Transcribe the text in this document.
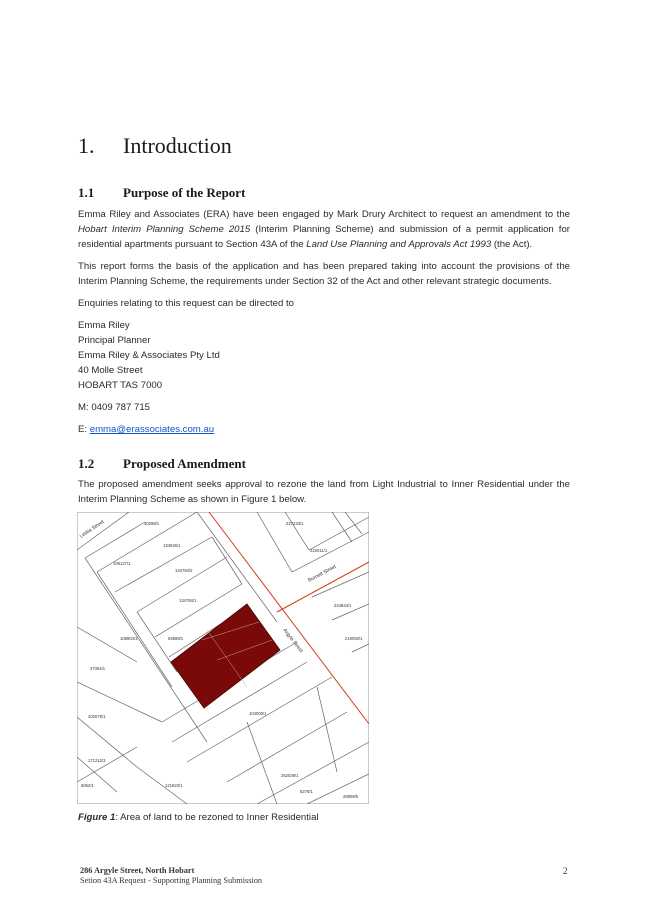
1. Introduction
1.1 Purpose of the Report
Emma Riley and Associates (ERA) have been engaged by Mark Drury Architect to request an amendment to the Hobart Interim Planning Scheme 2015 (Interim Planning Scheme) and submission of a permit application for residential apartments pursuant to Section 43A of the Land Use Planning and Approvals Act 1993 (the Act).
This report forms the basis of the application and has been prepared taking into account the provisions of the Interim Planning Scheme, the requirements under Section 32 of the Act and other relevant strategic documents.
Enquiries relating to this request can be directed to
Emma Riley
Principal Planner
Emma Riley & Associates Pty Ltd
40 Molle Street
HOBART TAS 7000
M: 0409 787 715
E: emma@erassociates.com.au
1.2 Proposed Amendment
The proposed amendment seeks approval to rezone the land from Light Industrial to Inner Residential under the Interim Planning Scheme as shown in Figure 1 below.
30298/1
134846/1
108127/1
134784/2
134784/1
108904/1	63689/1
37364/1
104000/1
202078/1
171212/3
6062/1	121823/1
252039/1
5278/1
28808/5
227233/1
222011/1
224844/1
219050/1
Letitia Street
Burnett Street
Argyle Street
Figure 1: Area of land to be rezoned to Inner Residential
286 Argyle Street, North Hobart
Setion 43A Request - Supporting Planning Submission
2
